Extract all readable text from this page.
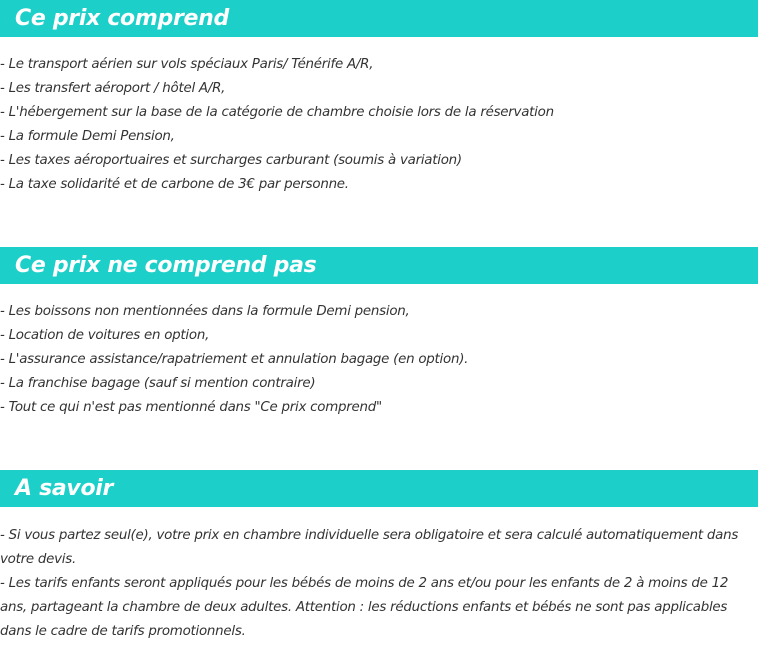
Ce prix comprend
- Le transport aérien sur vols spéciaux Paris/ Ténérife A/R,
- Les transfert aéroport / hôtel A/R,
- L'hébergement sur la base de la catégorie de chambre choisie lors de la réservation
- La formule Demi Pension,
- Les taxes aéroportuaires et surcharges carburant (soumis à variation)
- La taxe solidarité et de carbone de 3€ par personne.
Ce prix ne comprend pas
- Les boissons non mentionnées dans la formule Demi pension,
- Location de voitures en option,
- L'assurance assistance/rapatriement et annulation bagage (en option).
- La franchise bagage (sauf si mention contraire)
- Tout ce qui n'est pas mentionné dans "Ce prix comprend"
A savoir
- Si vous partez seul(e), votre prix en chambre individuelle sera obligatoire et sera calculé automatiquement dans votre devis.
- Les tarifs enfants seront appliqués pour les bébés de moins de 2 ans et/ou pour les enfants de 2 à moins de 12 ans, partageant la chambre de deux adultes. Attention : les réductions enfants et bébés ne sont pas applicables dans le cadre de tarifs promotionnels.
